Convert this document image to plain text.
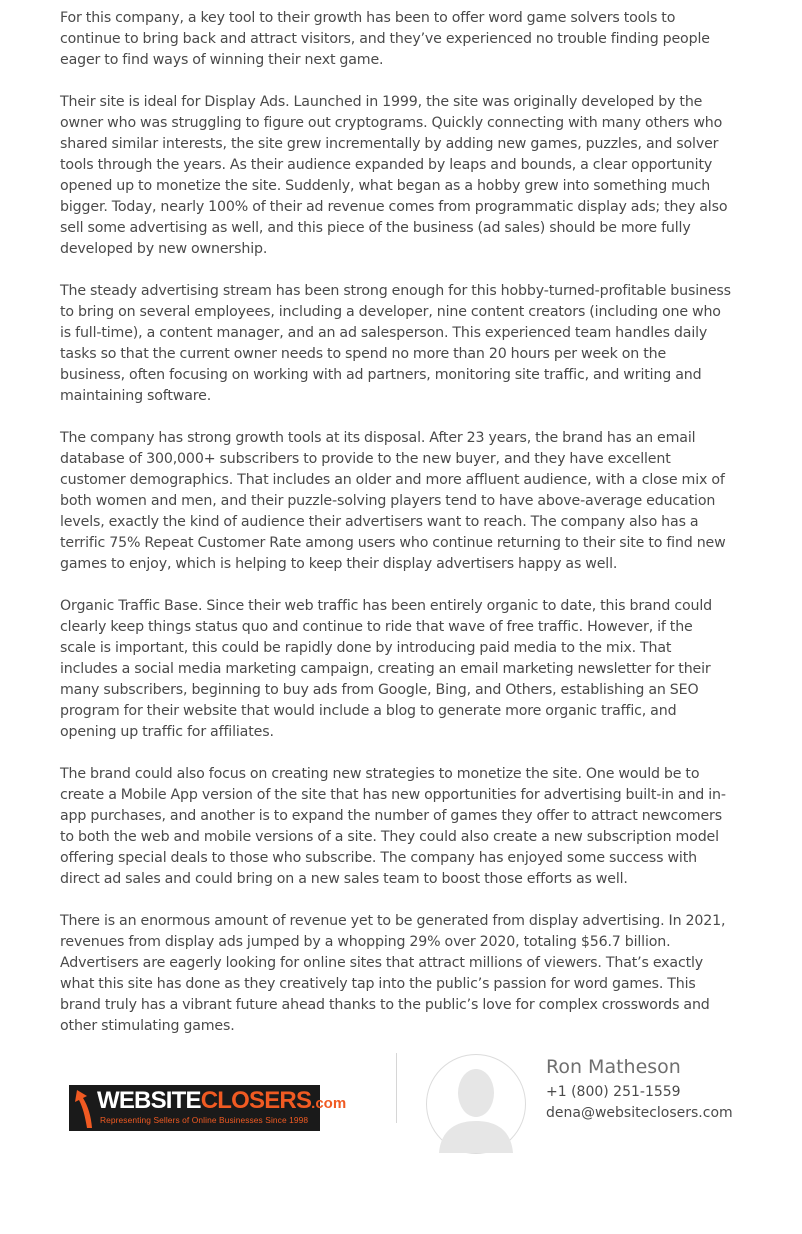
For this company, a key tool to their growth has been to offer word game solvers tools to continue to bring back and attract visitors, and they’ve experienced no trouble finding people eager to find ways of winning their next game.

Their site is ideal for Display Ads. Launched in 1999, the site was originally developed by the owner who was struggling to figure out cryptograms. Quickly connecting with many others who shared similar interests, the site grew incrementally by adding new games, puzzles, and solver tools through the years. As their audience expanded by leaps and bounds, a clear opportunity opened up to monetize the site. Suddenly, what began as a hobby grew into something much bigger. Today, nearly 100% of their ad revenue comes from programmatic display ads; they also sell some advertising as well, and this piece of the business (ad sales) should be more fully developed by new ownership.

The steady advertising stream has been strong enough for this hobby-turned-profitable business to bring on several employees, including a developer, nine content creators (including one who is full-time), a content manager, and an ad salesperson. This experienced team handles daily tasks so that the current owner needs to spend no more than 20 hours per week on the business, often focusing on working with ad partners, monitoring site traffic, and writing and maintaining software.

The company has strong growth tools at its disposal. After 23 years, the brand has an email database of 300,000+ subscribers to provide to the new buyer, and they have excellent customer demographics. That includes an older and more affluent audience, with a close mix of both women and men, and their puzzle-solving players tend to have above-average education levels, exactly the kind of audience their advertisers want to reach. The company also has a terrific 75% Repeat Customer Rate among users who continue returning to their site to find new games to enjoy, which is helping to keep their display advertisers happy as well.

Organic Traffic Base. Since their web traffic has been entirely organic to date, this brand could clearly keep things status quo and continue to ride that wave of free traffic. However, if the scale is important, this could be rapidly done by introducing paid media to the mix. That includes a social media marketing campaign, creating an email marketing newsletter for their many subscribers, beginning to buy ads from Google, Bing, and Others, establishing an SEO program for their website that would include a blog to generate more organic traffic, and opening up traffic for affiliates.

The brand could also focus on creating new strategies to monetize the site. One would be to create a Mobile App version of the site that has new opportunities for advertising built-in and in-app purchases, and another is to expand the number of games they offer to attract newcomers to both the web and mobile versions of a site. They could also create a new subscription model offering special deals to those who subscribe. The company has enjoyed some success with direct ad sales and could bring on a new sales team to boost those efforts as well.

There is an enormous amount of revenue yet to be generated from display advertising. In 2021, revenues from display ads jumped by a whopping 29% over 2020, totaling $56.7 billion. Advertisers are eagerly looking for online sites that attract millions of viewers. That’s exactly what this site has done as they creatively tap into the public’s passion for word games. This brand truly has a vibrant future ahead thanks to the public’s love for complex crosswords and other stimulating games.

WEBSITECLOSERS.com
Representing Sellers of Online Businesses Since 1998
Ron Matheson
+1 (800) 251-1559
dena@websiteclosers.com
